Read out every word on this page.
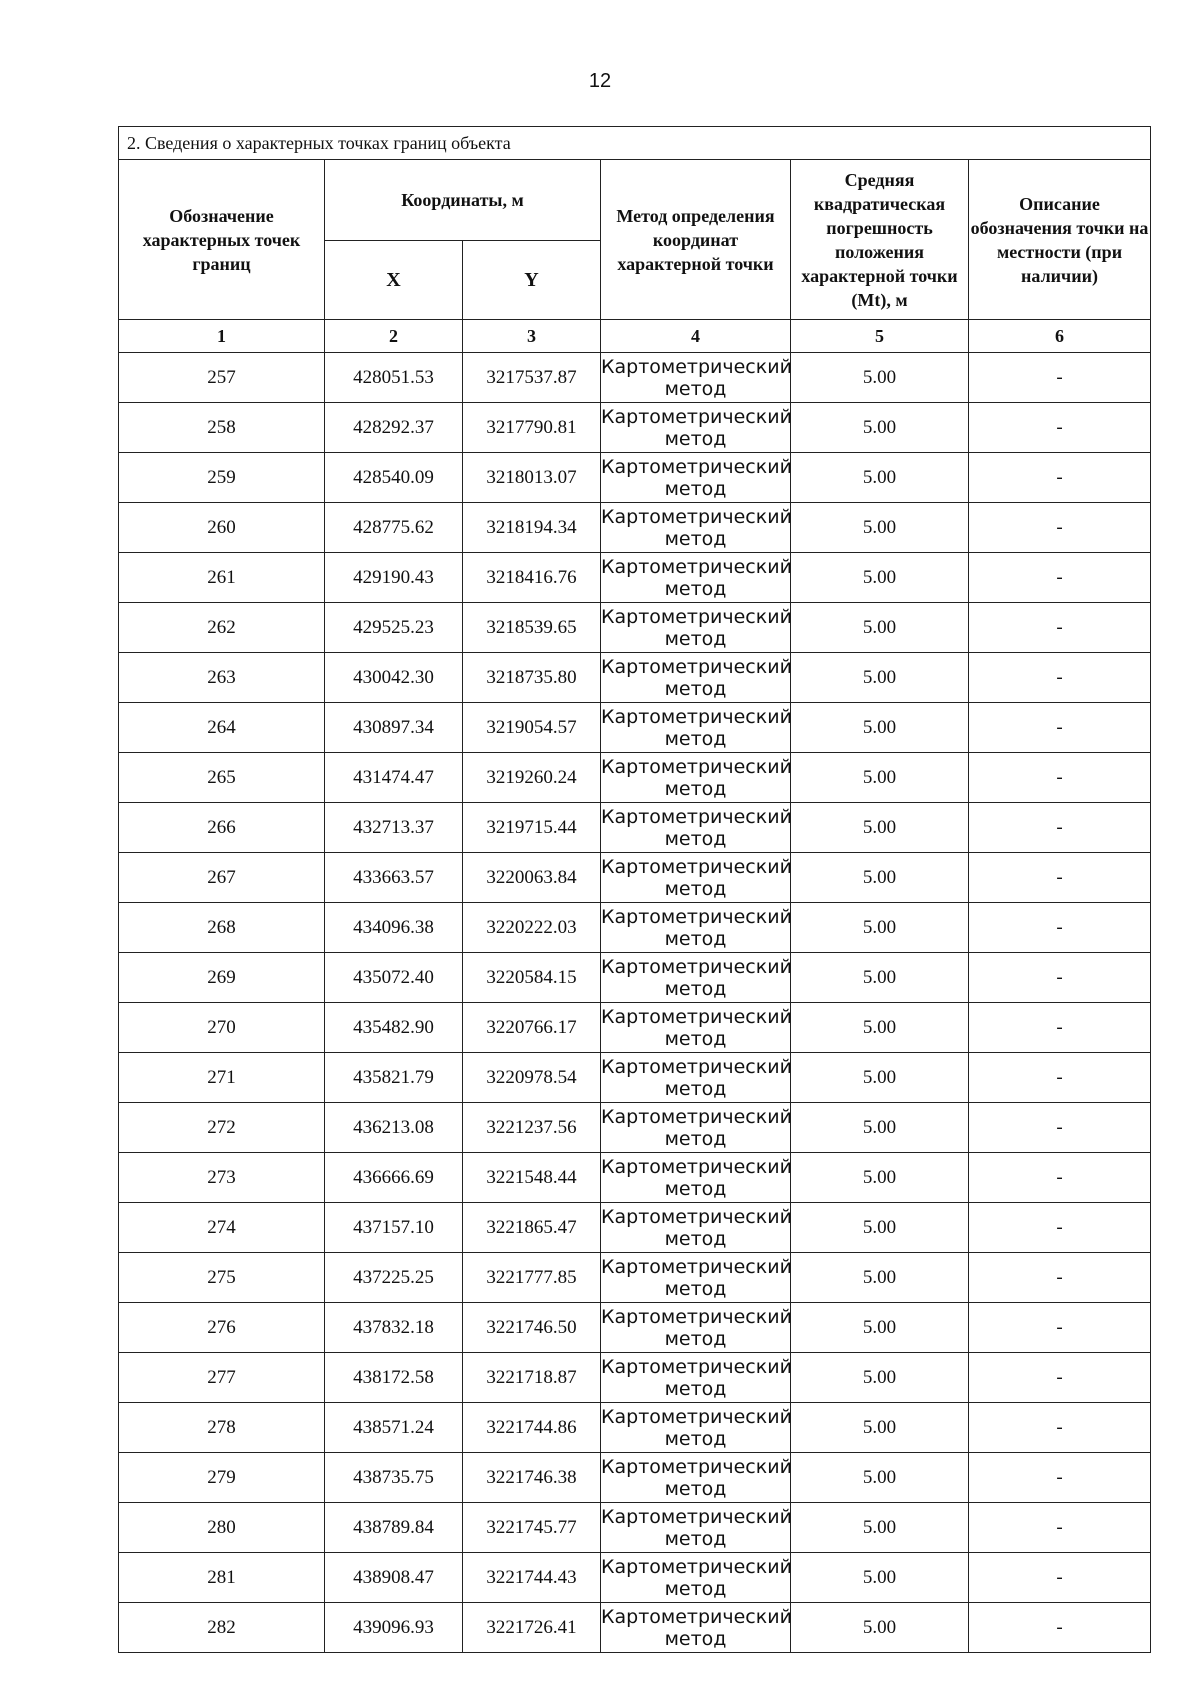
12
2. Сведения о характерных точках границ объекта					
Обозначение характерных точек границ	Координаты, м		Метод определения координат характерной точки	Средняя квадратическая погрешность положения характерной точки (Mt), м	Описание обозначения точки на местности (при наличии)
	X	Y			
1	2	3	4	5	6
257	428051.53	3217537.87	Картометрический метод	5.00	-
258	428292.37	3217790.81	Картометрический метод	5.00	-
259	428540.09	3218013.07	Картометрический метод	5.00	-
260	428775.62	3218194.34	Картометрический метод	5.00	-
261	429190.43	3218416.76	Картометрический метод	5.00	-
262	429525.23	3218539.65	Картометрический метод	5.00	-
263	430042.30	3218735.80	Картометрический метод	5.00	-
264	430897.34	3219054.57	Картометрический метод	5.00	-
265	431474.47	3219260.24	Картометрический метод	5.00	-
266	432713.37	3219715.44	Картометрический метод	5.00	-
267	433663.57	3220063.84	Картометрический метод	5.00	-
268	434096.38	3220222.03	Картометрический метод	5.00	-
269	435072.40	3220584.15	Картометрический метод	5.00	-
270	435482.90	3220766.17	Картометрический метод	5.00	-
271	435821.79	3220978.54	Картометрический метод	5.00	-
272	436213.08	3221237.56	Картометрический метод	5.00	-
273	436666.69	3221548.44	Картометрический метод	5.00	-
274	437157.10	3221865.47	Картометрический метод	5.00	-
275	437225.25	3221777.85	Картометрический метод	5.00	-
276	437832.18	3221746.50	Картометрический метод	5.00	-
277	438172.58	3221718.87	Картометрический метод	5.00	-
278	438571.24	3221744.86	Картометрический метод	5.00	-
279	438735.75	3221746.38	Картометрический метод	5.00	-
280	438789.84	3221745.77	Картометрический метод	5.00	-
281	438908.47	3221744.43	Картометрический метод	5.00	-
282	439096.93	3221726.41	Картометрический метод	5.00	-
